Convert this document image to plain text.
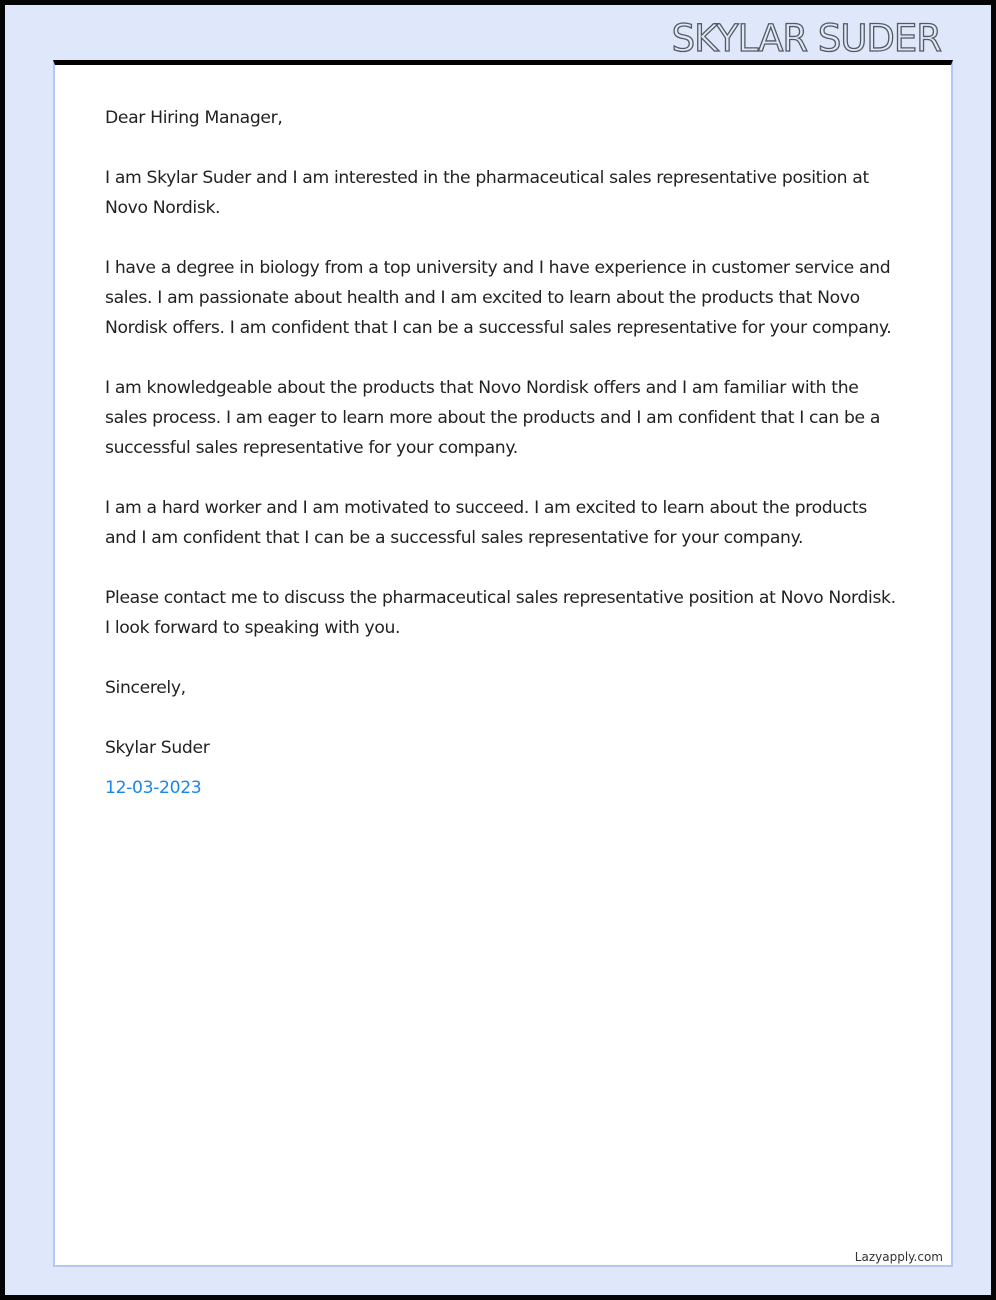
SKYLAR SUDER

Dear Hiring Manager,

I am Skylar Suder and I am interested in the pharmaceutical sales representative position at Novo Nordisk.

I have a degree in biology from a top university and I have experience in customer service and sales. I am passionate about health and I am excited to learn about the products that Novo Nordisk offers. I am confident that I can be a successful sales representative for your company.

I am knowledgeable about the products that Novo Nordisk offers and I am familiar with the sales process. I am eager to learn more about the products and I am confident that I can be a successful sales representative for your company.

I am a hard worker and I am motivated to succeed. I am excited to learn about the products and I am confident that I can be a successful sales representative for your company.

Please contact me to discuss the pharmaceutical sales representative position at Novo Nordisk. I look forward to speaking with you.

Sincerely,

Skylar Suder

12-03-2023

Lazyapply.com
